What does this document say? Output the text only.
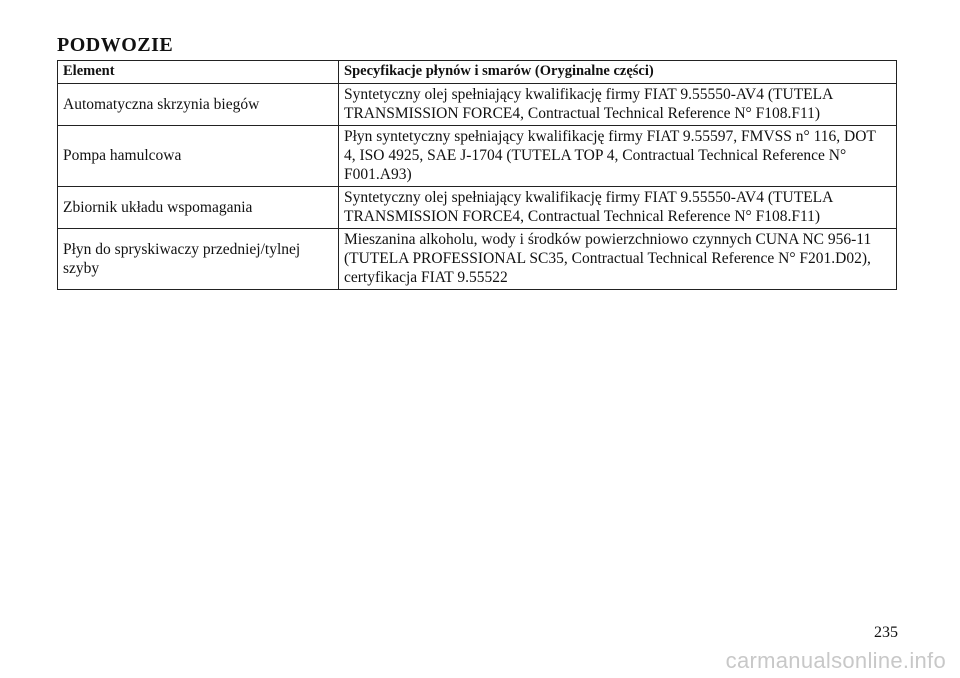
PODWOZIE
Element	Specyfikacje płynów i smarów (Oryginalne części)
Automatyczna skrzynia biegów	Syntetyczny olej spełniający kwalifikację firmy FIAT 9.55550-AV4 (TUTELA TRANSMISSION FORCE4, Contractual Technical Reference N° F108.F11)
Pompa hamulcowa	Płyn syntetyczny spełniający kwalifikację firmy FIAT 9.55597, FMVSS n° 116, DOT 4, ISO 4925, SAE J-1704 (TUTELA TOP 4, Contractual Technical Reference N° F001.A93)
Zbiornik układu wspomagania	Syntetyczny olej spełniający kwalifikację firmy FIAT 9.55550-AV4 (TUTELA TRANSMISSION FORCE4, Contractual Technical Reference N° F108.F11)
Płyn do spryskiwaczy przedniej/tylnej szyby	Mieszanina alkoholu, wody i środków powierzchniowo czynnych CUNA NC 956-11 (TUTELA PROFESSIONAL SC35, Contractual Technical Reference N° F201.D02), certyfikacja FIAT 9.55522
235
carmanualsonline.info
